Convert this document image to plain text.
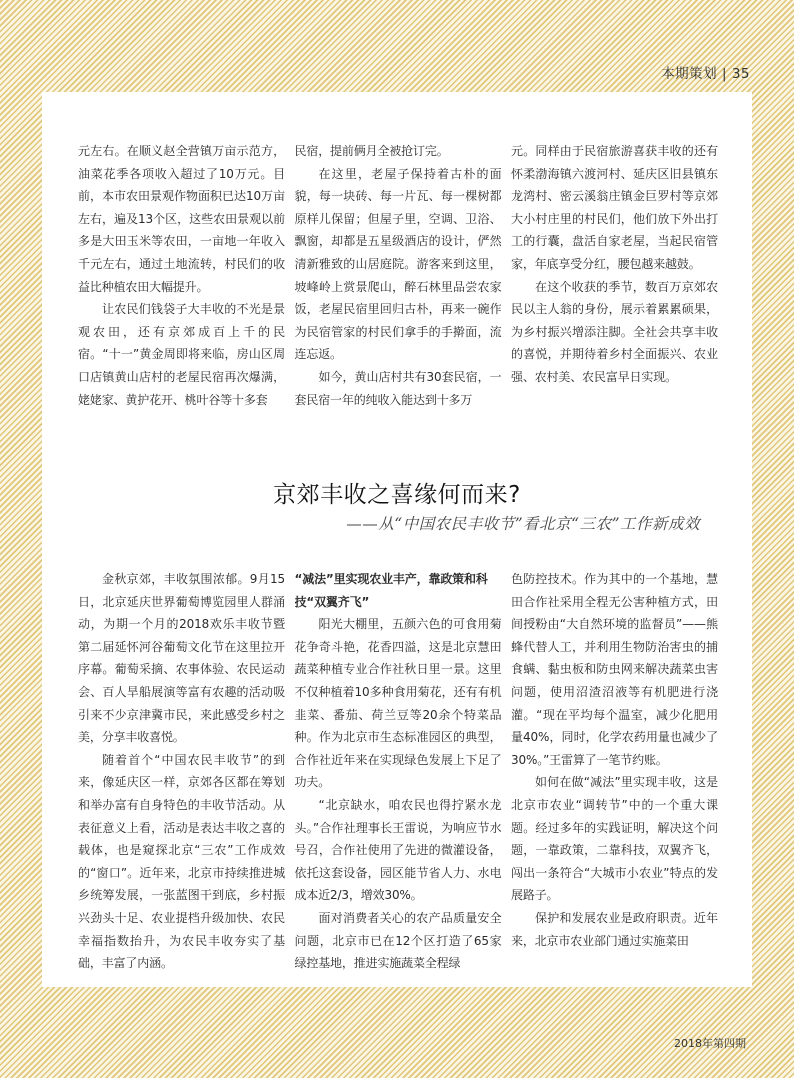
本期策划 | 35

元左右。在顺义赵全营镇万亩示范方，油菜花季各项收入超过了10万元。目前，本市农田景观作物面积已达10万亩左右，遍及13个区，这些农田景观以前多是大田玉米等农田，一亩地一年收入千元左右，通过土地流转，村民们的收益比种植农田大幅提升。

让农民们钱袋子大丰收的不光是景观农田，还有京郊成百上千的民宿。“十一”黄金周即将来临，房山区周口店镇黄山店村的老屋民宿再次爆满，姥姥家、黄护花开、桃叶谷等十多套

民宿，提前俩月全被抢订完。

在这里，老屋子保持着古朴的面貌，每一块砖、每一片瓦、每一棵树都原样儿保留；但屋子里，空调、卫浴、飘窗，却都是五星级酒店的设计，俨然清新雅致的山居庭院。游客来到这里，坡峰岭上赏景爬山，醉石林里品尝农家饭，老屋民宿里回归古朴，再来一碗作为民宿管家的村民们拿手的手擀面，流连忘返。

如今，黄山店村共有30套民宿，一套民宿一年的纯收入能达到十多万

元。同样由于民宿旅游喜获丰收的还有怀柔渤海镇六渡河村、延庆区旧县镇东龙湾村、密云溪翁庄镇金巨罗村等京郊大小村庄里的村民们，他们放下外出打工的行囊，盘活自家老屋，当起民宿管家，年底享受分红，腰包越来越鼓。

在这个收获的季节，数百万京郊农民以主人翁的身份，展示着累累硕果，为乡村振兴增添注脚。全社会共享丰收的喜悦，并期待着乡村全面振兴、农业强、农村美、农民富早日实现。

京郊丰收之喜缘何而来?
——从“中国农民丰收节”看北京“三农”工作新成效

金秋京郊，丰收氛围浓郁。9月15日，北京延庆世界葡萄博览园里人群涌动，为期一个月的2018欢乐丰收节暨第二届延怀河谷葡萄文化节在这里拉开序幕。葡萄采摘、农事体验、农民运动会、百人旱船展演等富有农趣的活动吸引来不少京津冀市民，来此感受乡村之美，分享丰收喜悦。

随着首个“中国农民丰收节”的到来，像延庆区一样，京郊各区都在筹划和举办富有自身特色的丰收节活动。从表征意义上看，活动是表达丰收之喜的载体，也是窥探北京“三农”工作成效的“窗口”。近年来，北京市持续推进城乡统筹发展，一张蓝图干到底，乡村振兴劲头十足、农业提档升级加快、农民幸福指数抬升，为农民丰收夯实了基础，丰富了内涵。

“减法”里实现农业丰产，靠政策和科技“双翼齐飞”

阳光大棚里，五颜六色的可食用菊花争奇斗艳，花香四溢，这是北京慧田蔬菜种植专业合作社秋日里一景。这里不仅种植着10多种食用菊花，还有有机韭菜、番茄、荷兰豆等20余个特菜品种。作为北京市生态标准园区的典型，合作社近年来在实现绿色发展上下足了功夫。

“北京缺水，咱农民也得拧紧水龙头。”合作社理事长王雷说，为响应节水号召，合作社使用了先进的微灌设备，依托这套设备，园区能节省人力、水电成本近2/3，增效30%。

面对消费者关心的农产品质量安全问题，北京市已在12个区打造了65家绿控基地，推进实施蔬菜全程绿

色防控技术。作为其中的一个基地，慧田合作社采用全程无公害种植方式，田间授粉由“大自然环境的监督员”——熊蜂代替人工，并利用生物防治害虫的捕食螨、黏虫板和防虫网来解决蔬菜虫害问题，使用沼渣沼液等有机肥进行浇灌。“现在平均每个温室，减少化肥用量40%，同时，化学农药用量也减少了30%。”王雷算了一笔节约账。

如何在做“减法”里实现丰收，这是北京市农业“调转节”中的一个重大课题。经过多年的实践证明，解决这个问题，一靠政策，二靠科技，双翼齐飞，闯出一条符合“大城市小农业”特点的发展路子。

保护和发展农业是政府职责。近年来，北京市农业部门通过实施菜田

2018年第四期
